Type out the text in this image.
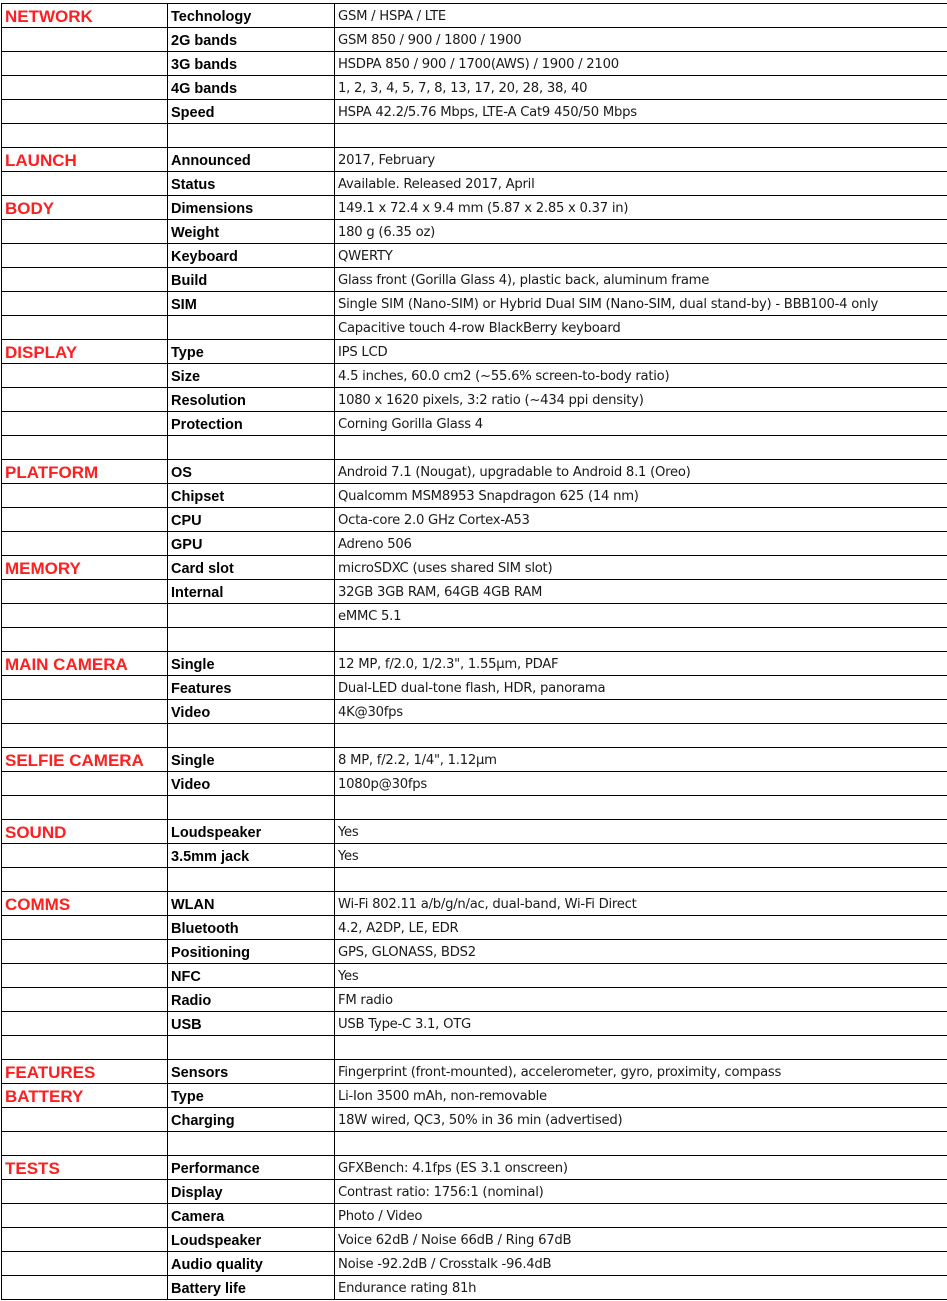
NETWORK	Technology	GSM / HSPA / LTE
	2G bands	GSM 850 / 900 / 1800 / 1900
	3G bands	HSDPA 850 / 900 / 1700(AWS) / 1900 / 2100
	4G bands	1, 2, 3, 4, 5, 7, 8, 13, 17, 20, 28, 38, 40
	Speed	HSPA 42.2/5.76 Mbps, LTE-A Cat9 450/50 Mbps

LAUNCH	Announced	2017, February
	Status	Available. Released 2017, April
BODY	Dimensions	149.1 x 72.4 x 9.4 mm (5.87 x 2.85 x 0.37 in)
	Weight	180 g (6.35 oz)
	Keyboard	QWERTY
	Build	Glass front (Gorilla Glass 4), plastic back, aluminum frame
	SIM	Single SIM (Nano-SIM) or Hybrid Dual SIM (Nano-SIM, dual stand-by) - BBB100-4 only
		Capacitive touch 4-row BlackBerry keyboard
DISPLAY	Type	IPS LCD
	Size	4.5 inches, 60.0 cm2 (~55.6% screen-to-body ratio)
	Resolution	1080 x 1620 pixels, 3:2 ratio (~434 ppi density)
	Protection	Corning Gorilla Glass 4

PLATFORM	OS	Android 7.1 (Nougat), upgradable to Android 8.1 (Oreo)
	Chipset	Qualcomm MSM8953 Snapdragon 625 (14 nm)
	CPU	Octa-core 2.0 GHz Cortex-A53
	GPU	Adreno 506
MEMORY	Card slot	microSDXC (uses shared SIM slot)
	Internal	32GB 3GB RAM, 64GB 4GB RAM
		eMMC 5.1

MAIN CAMERA	Single	12 MP, f/2.0, 1/2.3", 1.55µm, PDAF
	Features	Dual-LED dual-tone flash, HDR, panorama
	Video	4K@30fps

SELFIE CAMERA	Single	8 MP, f/2.2, 1/4", 1.12µm
	Video	1080p@30fps

SOUND	Loudspeaker	Yes
	3.5mm jack	Yes

COMMS	WLAN	Wi-Fi 802.11 a/b/g/n/ac, dual-band, Wi-Fi Direct
	Bluetooth	4.2, A2DP, LE, EDR
	Positioning	GPS, GLONASS, BDS2
	NFC	Yes
	Radio	FM radio
	USB	USB Type-C 3.1, OTG

FEATURES	Sensors	Fingerprint (front-mounted), accelerometer, gyro, proximity, compass
BATTERY	Type	Li-Ion 3500 mAh, non-removable
	Charging	18W wired, QC3, 50% in 36 min (advertised)

TESTS	Performance	GFXBench: 4.1fps (ES 3.1 onscreen)
	Display	Contrast ratio: 1756:1 (nominal)
	Camera	Photo / Video
	Loudspeaker	Voice 62dB / Noise 66dB / Ring 67dB
	Audio quality	Noise -92.2dB / Crosstalk -96.4dB
	Battery life	Endurance rating 81h
